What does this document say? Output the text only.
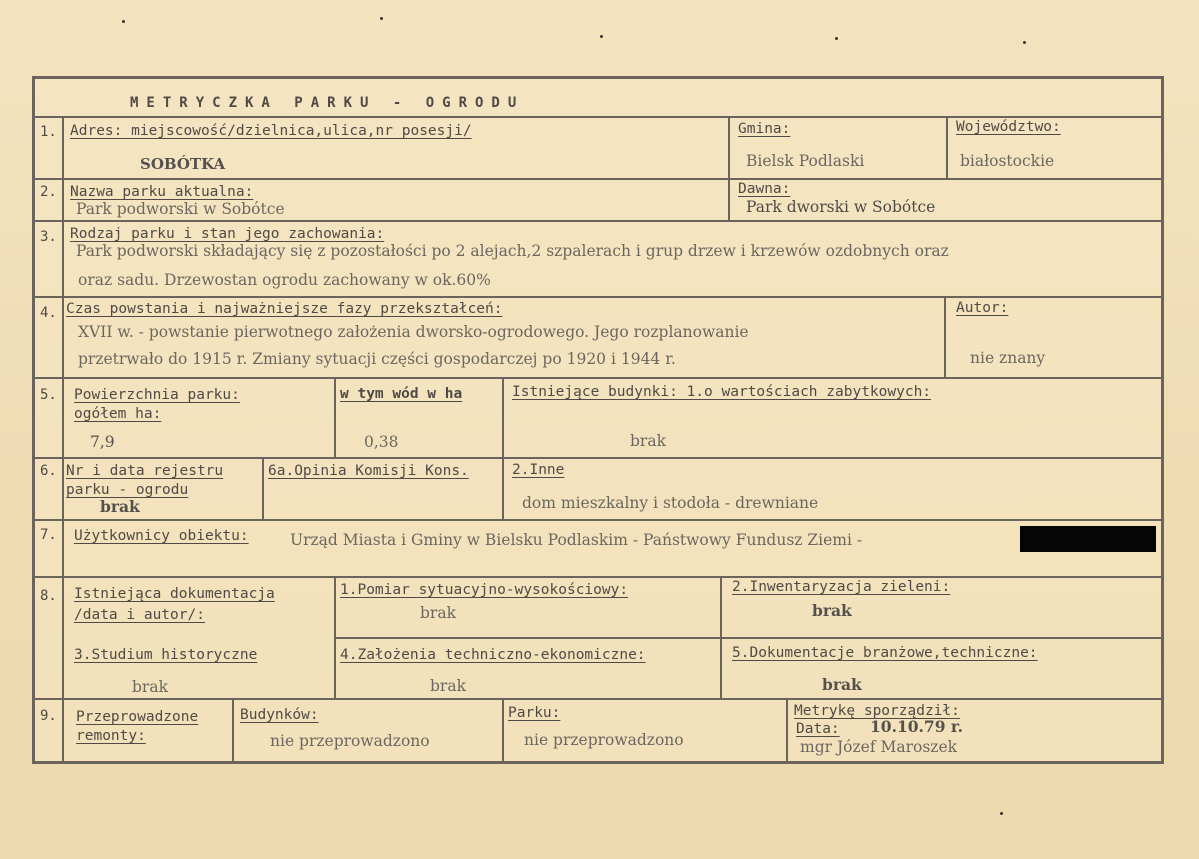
METRYCZKA PARKU - OGRODU
1. Adres: miejscowość/dzielnica,ulica,nr posesji/
SOBÓTKA
Gmina:
Bielsk Podlaski
Województwo:
białostockie
2. Nazwa parku aktualna:
Park podworski w Sobótce
Dawna:
Park dworski w Sobótce
3. Rodzaj parku i stan jego zachowania:
Park podworski składający się z pozostałości po 2 alejach,2 szpalerach i grup drzew i krzewów ozdobnych oraz
oraz sadu. Drzewostan ogrodu zachowany w ok.60%
4. Czas powstania i najważniejsze fazy przekształceń:
XVII w. - powstanie pierwotnego założenia dworsko-ogrodowego. Jego rozplanowanie
przetrwało do 1915 r. Zmiany sytuacji części gospodarczej po 1920 i 1944 r.
Autor:
nie znany
5. Powierzchnia parku:
ogółem ha:
7,9
w tym wód w ha
0,38
Istniejące budynki: 1.o wartościach zabytkowych:
brak
6. Nr i data rejestru
parku - ogrodu
brak
6a.Opinia Komisji Kons.	2.Inne
dom mieszkalny i stodoła - drewniane
7. Użytkownicy obiektu:	Urząd Miasta i Gminy w Bielsku Podlaskim - Państwowy Fundusz Ziemi -
8. Istniejąca dokumentacja
/data i autor/:
1.Pomiar sytuacyjno-wysokościowy:
brak
2.Inwentaryzacja zieleni:
brak
3.Studium historyczne
brak
4.Założenia techniczno-ekonomiczne:
brak
5.Dokumentacje branżowe,techniczne:
brak
9. Przeprowadzone
remonty:
Budynków:
nie przeprowadzono
Parku:
nie przeprowadzono
Metrykę sporządził:
Data: 10.10.79 r.
mgr Józef Maroszek
